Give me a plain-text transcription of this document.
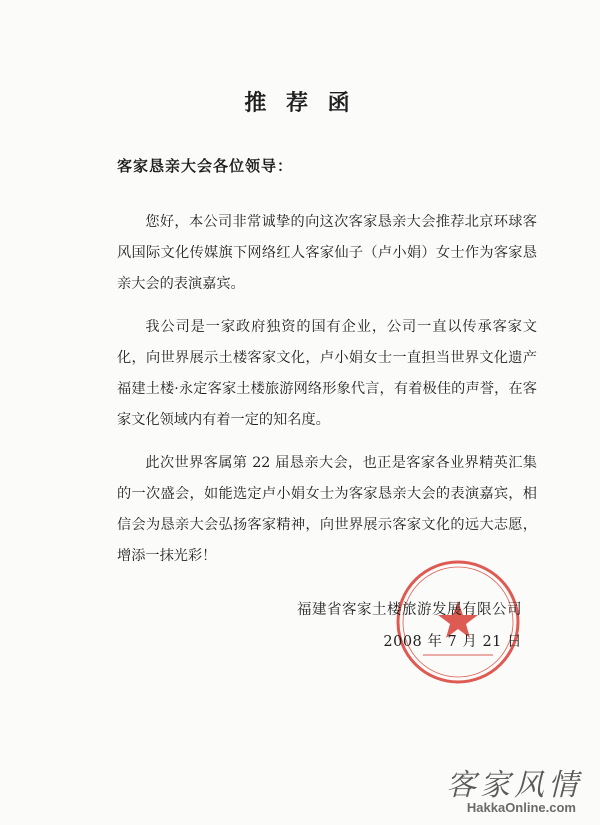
推 荐 函
客家恳亲大会各位领导：

您好，本公司非常诚挚的向这次客家恳亲大会推荐北京环球客风国际文化传媒旗下网络红人客家仙子（卢小娟）女士作为客家恳亲大会的表演嘉宾。

我公司是一家政府独资的国有企业，公司一直以传承客家文化，向世界展示土楼客家文化，卢小娟女士一直担当世界文化遗产福建土楼·永定客家土楼旅游网络形象代言，有着极佳的声誉，在客家文化领域内有着一定的知名度。

此次世界客属第 22 届恳亲大会，也正是客家各业界精英汇集的一次盛会，如能选定卢小娟女士为客家恳亲大会的表演嘉宾，相信会为恳亲大会弘扬客家精神，向世界展示客家文化的远大志愿，增添一抹光彩！

福建省客家土楼旅游发展有限公司
2008 年 7 月 21 日
客家风情
HakkaOnline.com
